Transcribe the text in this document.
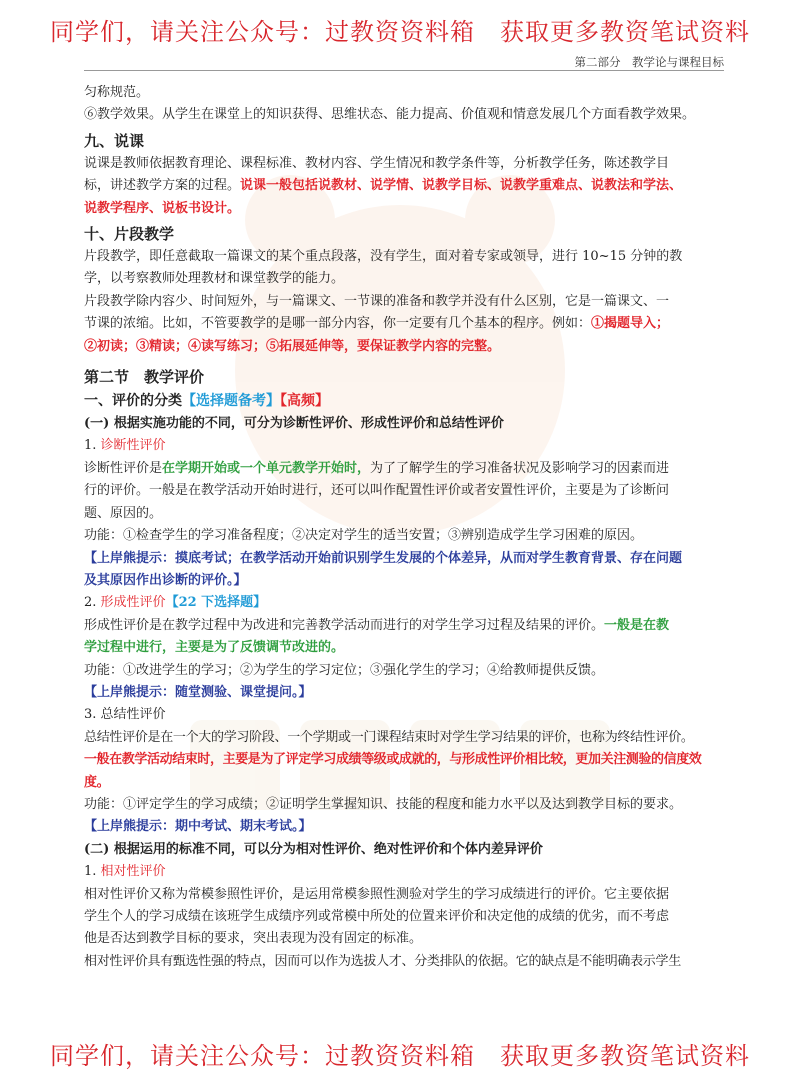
同学们，请关注公众号：过教资资料箱　获取更多教资笔试资料
第二部分　教学论与课程目标

匀称规范。

⑥教学效果。从学生在课堂上的知识获得、思维状态、能力提高、价值观和情意发展几个方面看教学效果。

九、说课

说课是教师依据教育理论、课程标准、教材内容、学生情况和教学条件等，分析教学任务，陈述教学目

标，讲述教学方案的过程。说课一般包括说教材、说学情、说教学目标、说教学重难点、说教法和学法、

说教学程序、说板书设计。

十、片段教学

片段教学，即任意截取一篇课文的某个重点段落，没有学生，面对着专家或领导，进行 10~15 分钟的教

学，以考察教师处理教材和课堂教学的能力。

片段教学除内容少、时间短外，与一篇课文、一节课的准备和教学并没有什么区别，它是一篇课文、一

节课的浓缩。比如，不管要教学的是哪一部分内容，你一定要有几个基本的程序。例如：①揭题导入；

②初读；③精读；④读写练习；⑤拓展延伸等，要保证教学内容的完整。

第二节　教学评价

一、评价的分类【选择题备考】【高频】

(一) 根据实施功能的不同，可分为诊断性评价、形成性评价和总结性评价

1. 诊断性评价

诊断性评价是在学期开始或一个单元教学开始时，为了了解学生的学习准备状况及影响学习的因素而进

行的评价。一般是在教学活动开始时进行，还可以叫作配置性评价或者安置性评价，主要是为了诊断问

题、原因的。

功能：①检查学生的学习准备程度；②决定对学生的适当安置；③辨别造成学生学习困难的原因。

【上岸熊提示：摸底考试；在教学活动开始前识别学生发展的个体差异，从而对学生教育背景、存在问题

及其原因作出诊断的评价。】

2. 形成性评价【22 下选择题】

形成性评价是在教学过程中为改进和完善教学活动而进行的对学生学习过程及结果的评价。一般是在教

学过程中进行，主要是为了反馈调节改进的。

功能：①改进学生的学习；②为学生的学习定位；③强化学生的学习；④给教师提供反馈。

【上岸熊提示：随堂测验、课堂提问。】

3. 总结性评价

总结性评价是在一个大的学习阶段、一个学期或一门课程结束时对学生学习结果的评价，也称为终结性评价。

一般在教学活动结束时，主要是为了评定学习成绩等级或成就的，与形成性评价相比较，更加关注测验的信度效度。

功能：①评定学生的学习成绩；②证明学生掌握知识、技能的程度和能力水平以及达到教学目标的要求。

【上岸熊提示：期中考试、期末考试。】

(二) 根据运用的标准不同，可以分为相对性评价、绝对性评价和个体内差异评价

1. 相对性评价

相对性评价又称为常模参照性评价，是运用常模参照性测验对学生的学习成绩进行的评价。它主要依据

学生个人的学习成绩在该班学生成绩序列或常模中所处的位置来评价和决定他的成绩的优劣，而不考虑

他是否达到教学目标的要求，突出表现为没有固定的标准。

相对性评价具有甄选性强的特点，因而可以作为选拔人才、分类排队的依据。它的缺点是不能明确表示学生

同学们，请关注公众号：过教资资料箱　获取更多教资笔试资料
